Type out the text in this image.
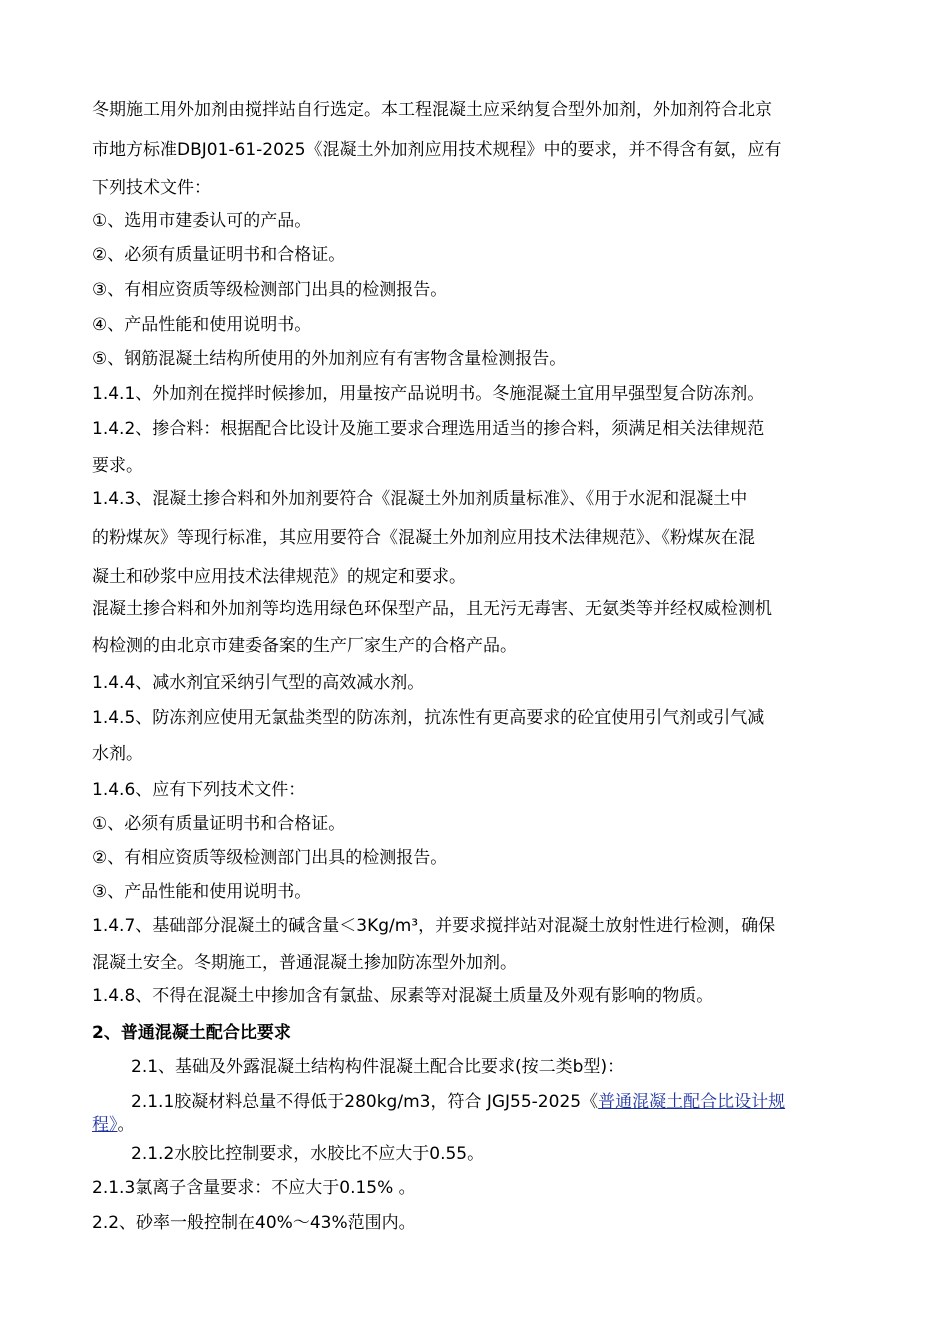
冬期施工用外加剂由搅拌站自行选定。本工程混凝土应采纳复合型外加剂，外加剂符合北京
市地方标准DBJ01-61-2025《混凝土外加剂应用技术规程》中的要求，并不得含有氨，应有
下列技术文件：
①、选用市建委认可的产品。
②、必须有质量证明书和合格证。
③、有相应资质等级检测部门出具的检测报告。
④、产品性能和使用说明书。
⑤、钢筋混凝土结构所使用的外加剂应有有害物含量检测报告。
1.4.1、外加剂在搅拌时候掺加，用量按产品说明书。冬施混凝土宜用早强型复合防冻剂。
1.4.2、掺合料：根据配合比设计及施工要求合理选用适当的掺合料，须满足相关法律规范
要求。
1.4.3、混凝土掺合料和外加剂要符合《混凝土外加剂质量标准》、《用于水泥和混凝土中
的粉煤灰》等现行标准，其应用要符合《混凝土外加剂应用技术法律规范》、《粉煤灰在混
凝土和砂浆中应用技术法律规范》的规定和要求。
混凝土掺合料和外加剂等均选用绿色环保型产品，且无污无毒害、无氨类等并经权威检测机
构检测的由北京市建委备案的生产厂家生产的合格产品。
1.4.4、减水剂宜采纳引气型的高效减水剂。
1.4.5、防冻剂应使用无氯盐类型的防冻剂，抗冻性有更高要求的砼宜使用引气剂或引气减
水剂。
1.4.6、应有下列技术文件：
①、必须有质量证明书和合格证。
②、有相应资质等级检测部门出具的检测报告。
③、产品性能和使用说明书。
1.4.7、基础部分混凝土的碱含量＜3Kg/m³，并要求搅拌站对混凝土放射性进行检测，确保
混凝土安全。冬期施工，普通混凝土掺加防冻型外加剂。
1.4.8、不得在混凝土中掺加含有氯盐、尿素等对混凝土质量及外观有影响的物质。
2、普通混凝土配合比要求
2.1、基础及外露混凝土结构构件混凝土配合比要求(按二类b型)：
2.1.1胶凝材料总量不得低于280kg/m3，符合 JGJ55-2025《普通混凝土配合比设计规
程》。
2.1.2水胶比控制要求，水胶比不应大于0.55。
2.1.3氯离子含量要求：不应大于0.15% 。
2.2、砂率一般控制在40%～43%范围内。
